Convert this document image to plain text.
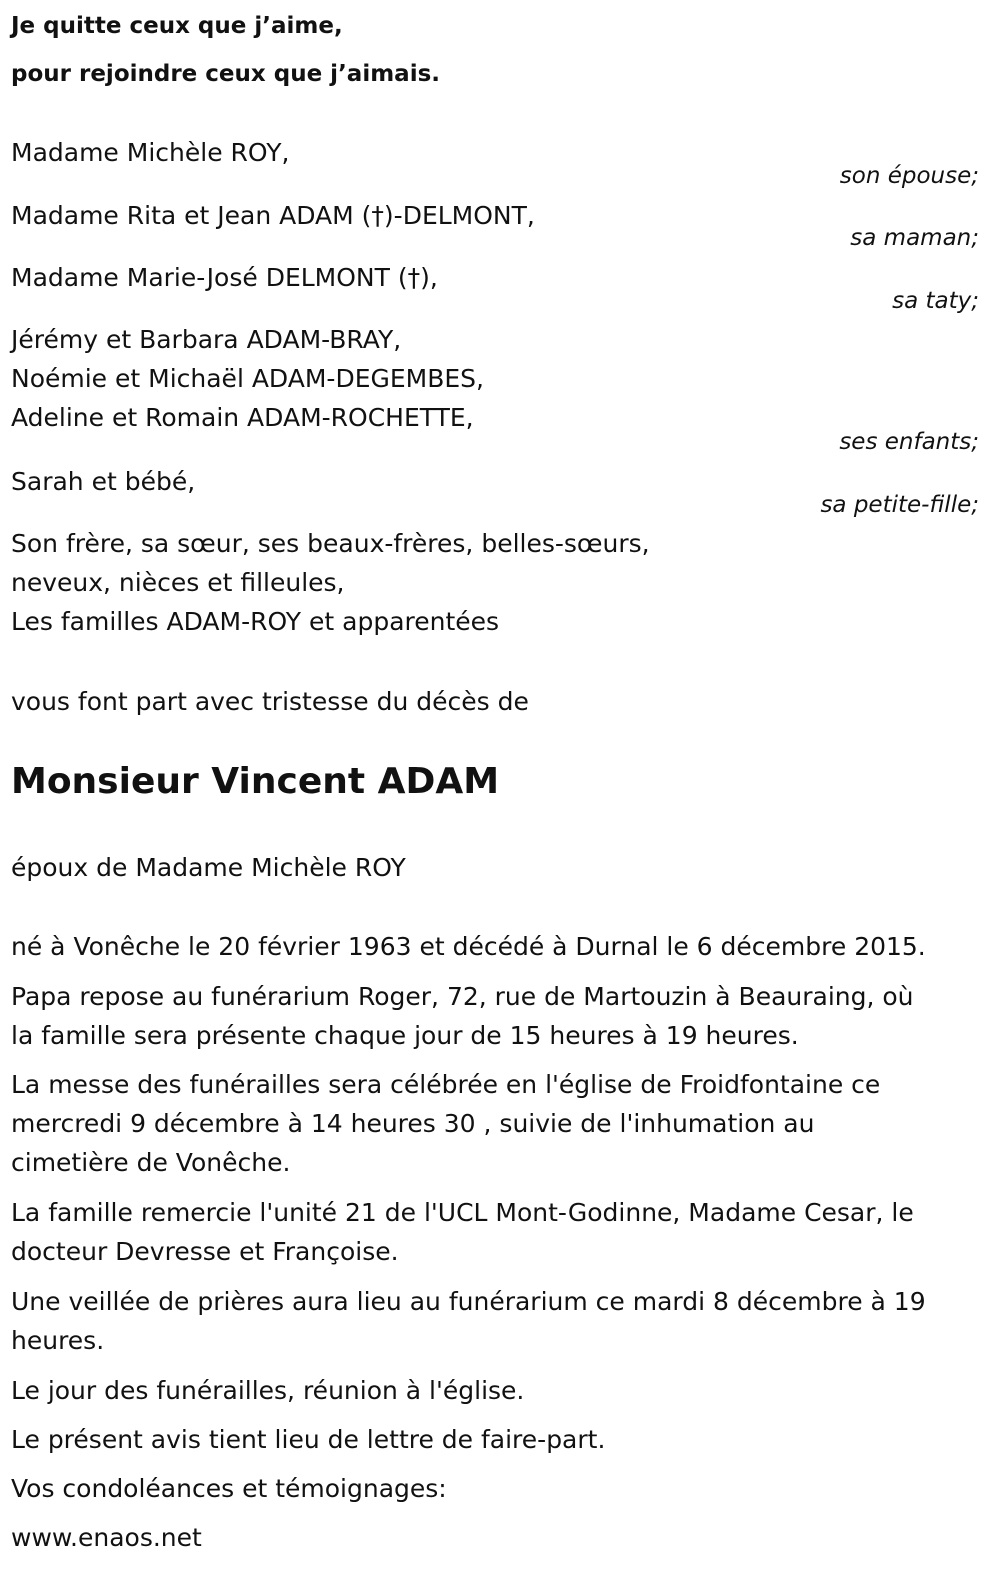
Je quitte ceux que j’aime,
pour rejoindre ceux que j’aimais.
Madame Michèle ROY,
son épouse;
Madame Rita et Jean ADAM (†)-DELMONT,
sa maman;
Madame Marie-José DELMONT (†),
sa taty;
Jérémy et Barbara ADAM-BRAY,
Noémie et Michaël ADAM-DEGEMBES,
Adeline et Romain ADAM-ROCHETTE,
ses enfants;
Sarah et bébé,
sa petite-fille;
Son frère, sa sœur, ses beaux-frères, belles-sœurs,
neveux, nièces et filleules,
Les familles ADAM-ROY et apparentées
vous font part avec tristesse du décès de
Monsieur Vincent ADAM
époux de Madame Michèle ROY
né à Vonêche le 20 février 1963 et décédé à Durnal le 6 décembre 2015.
Papa repose au funérarium Roger, 72, rue de Martouzin à Beauraing, où
la famille sera présente chaque jour de 15 heures à 19 heures.
La messe des funérailles sera célébrée en l'église de Froidfontaine ce
mercredi 9 décembre à 14 heures 30 , suivie de l'inhumation au
cimetière de Vonêche.
La famille remercie l'unité 21 de l'UCL Mont-Godinne, Madame Cesar, le
docteur Devresse et Françoise.
Une veillée de prières aura lieu au funérarium ce mardi 8 décembre à 19
heures.
Le jour des funérailles, réunion à l'église.
Le présent avis tient lieu de lettre de faire-part.
Vos condoléances et témoignages:
www.enaos.net
